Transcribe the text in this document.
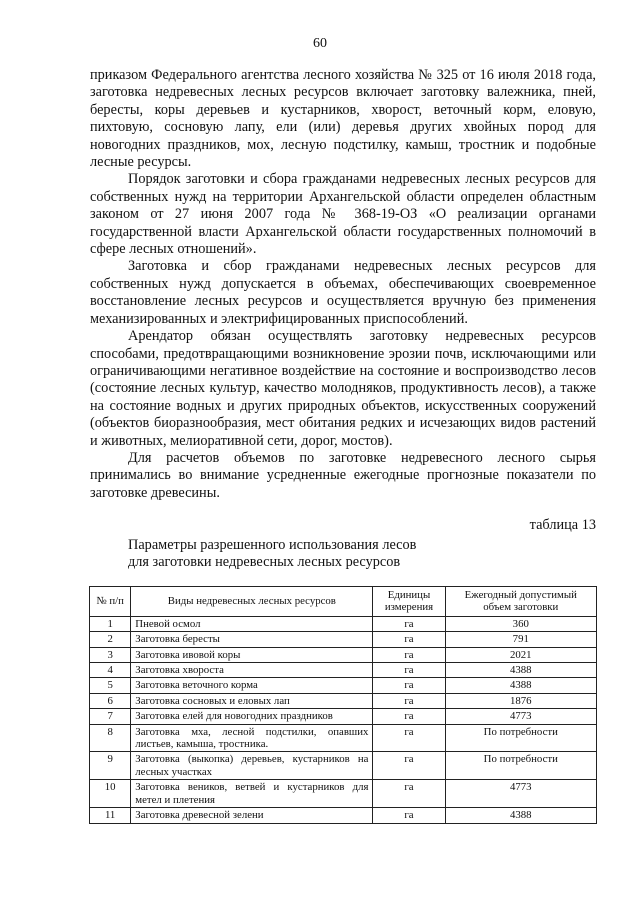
60

приказом Федерального агентства лесного хозяйства № 325 от 16 июля 2018 года, заготовка недревесных лесных ресурсов включает заготовку валежника, пней, бересты, коры деревьев и кустарников, хворост, веточный корм, еловую, пихтовую, сосновую лапу, ели (или) деревья других хвойных пород для новогодних праздников, мох, лесную подстилку, камыш, тростник и подобные лесные ресурсы.

Порядок заготовки и сбора гражданами недревесных лесных ресурсов для собственных нужд на территории Архангельской области определен областным законом от 27 июня 2007 года № 368-19-ОЗ «О реализации органами государственной власти Архангельской области государственных полномочий в сфере лесных отношений».

Заготовка и сбор гражданами недревесных лесных ресурсов для собственных нужд допускается в объемах, обеспечивающих своевременное восстановление лесных ресурсов и осуществляется вручную без применения механизированных и электрифицированных приспособлений.

Арендатор обязан осуществлять заготовку недревесных ресурсов способами, предотвращающими возникновение эрозии почв, исключающими или ограничивающими негативное воздействие на состояние и воспроизводство лесов (состояние лесных культур, качество молодняков, продуктивность лесов), а также на состояние водных и других природных объектов, искусственных сооружений (объектов биоразнообразия, мест обитания редких и исчезающих видов растений и животных, мелиоративной сети, дорог, мостов).

Для расчетов объемов по заготовке недревесного лесного сырья принимались во внимание усредненные ежегодные прогнозные показатели по заготовке древесины.

таблица 13
Параметры разрешенного использования лесов
для заготовки недревесных лесных ресурсов
№ п/п	Виды недревесных лесных ресурсов	Единицы измерения	Ежегодный допустимый объем заготовки
1	Пневой осмол	га	360
2	Заготовка бересты	га	791
3	Заготовка ивовой коры	га	2021
4	Заготовка хвороста	га	4388
5	Заготовка веточного корма	га	4388
6	Заготовка сосновых и еловых лап	га	1876
7	Заготовка елей для новогодних праздников	га	4773
8	Заготовка мха, лесной подстилки, опавших листьев, камыша, тростника.	га	По потребности
9	Заготовка (выкопка) деревьев, кустарников на лесных участках	га	По потребности
10	Заготовка веников, ветвей и кустарников для метел и плетения	га	4773
11	Заготовка древесной зелени	га	4388
